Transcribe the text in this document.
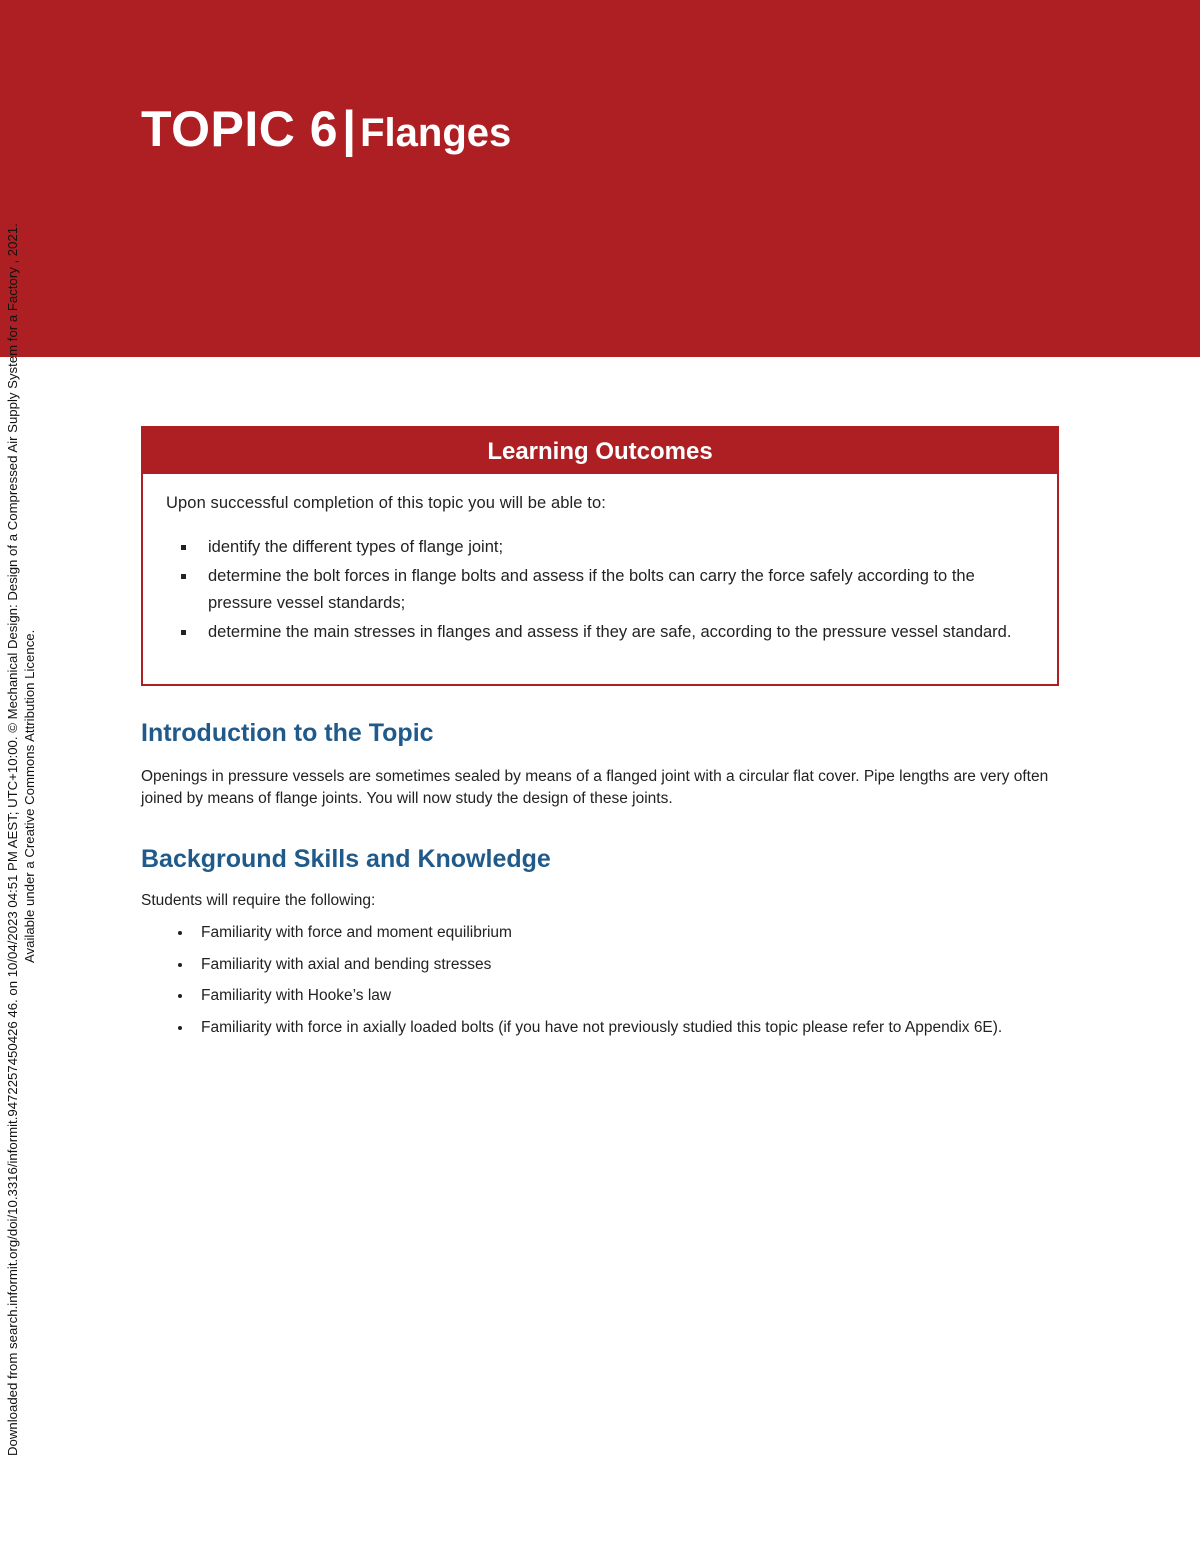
TOPIC 6| Flanges
Downloaded from search.informit.org/doi/10.3316/informit.9472257450426 46. on 10/04/2023 04:51 PM AEST; UTC+10:00. © Mechanical Design: Design of a Compressed Air Supply System for a Factory , 2021. Available under a Creative Commons Attribution Licence.
Learning Outcomes
Upon successful completion of this topic you will be able to:
identify the different types of flange joint;
determine the bolt forces in flange bolts and assess if the bolts can carry the force safely according to the pressure vessel standards;
determine the main stresses in flanges and assess if they are safe, according to the pressure vessel standard.
Introduction to the Topic

Openings in pressure vessels are sometimes sealed by means of a flanged joint with a circular flat cover. Pipe lengths are very often joined by means of flange joints. You will now study the design of these joints.

Background Skills and Knowledge

Students will require the following:

Familiarity with force and moment equilibrium
Familiarity with axial and bending stresses
Familiarity with Hooke’s law
Familiarity with force in axially loaded bolts (if you have not previously studied this topic please refer to Appendix 6E).
